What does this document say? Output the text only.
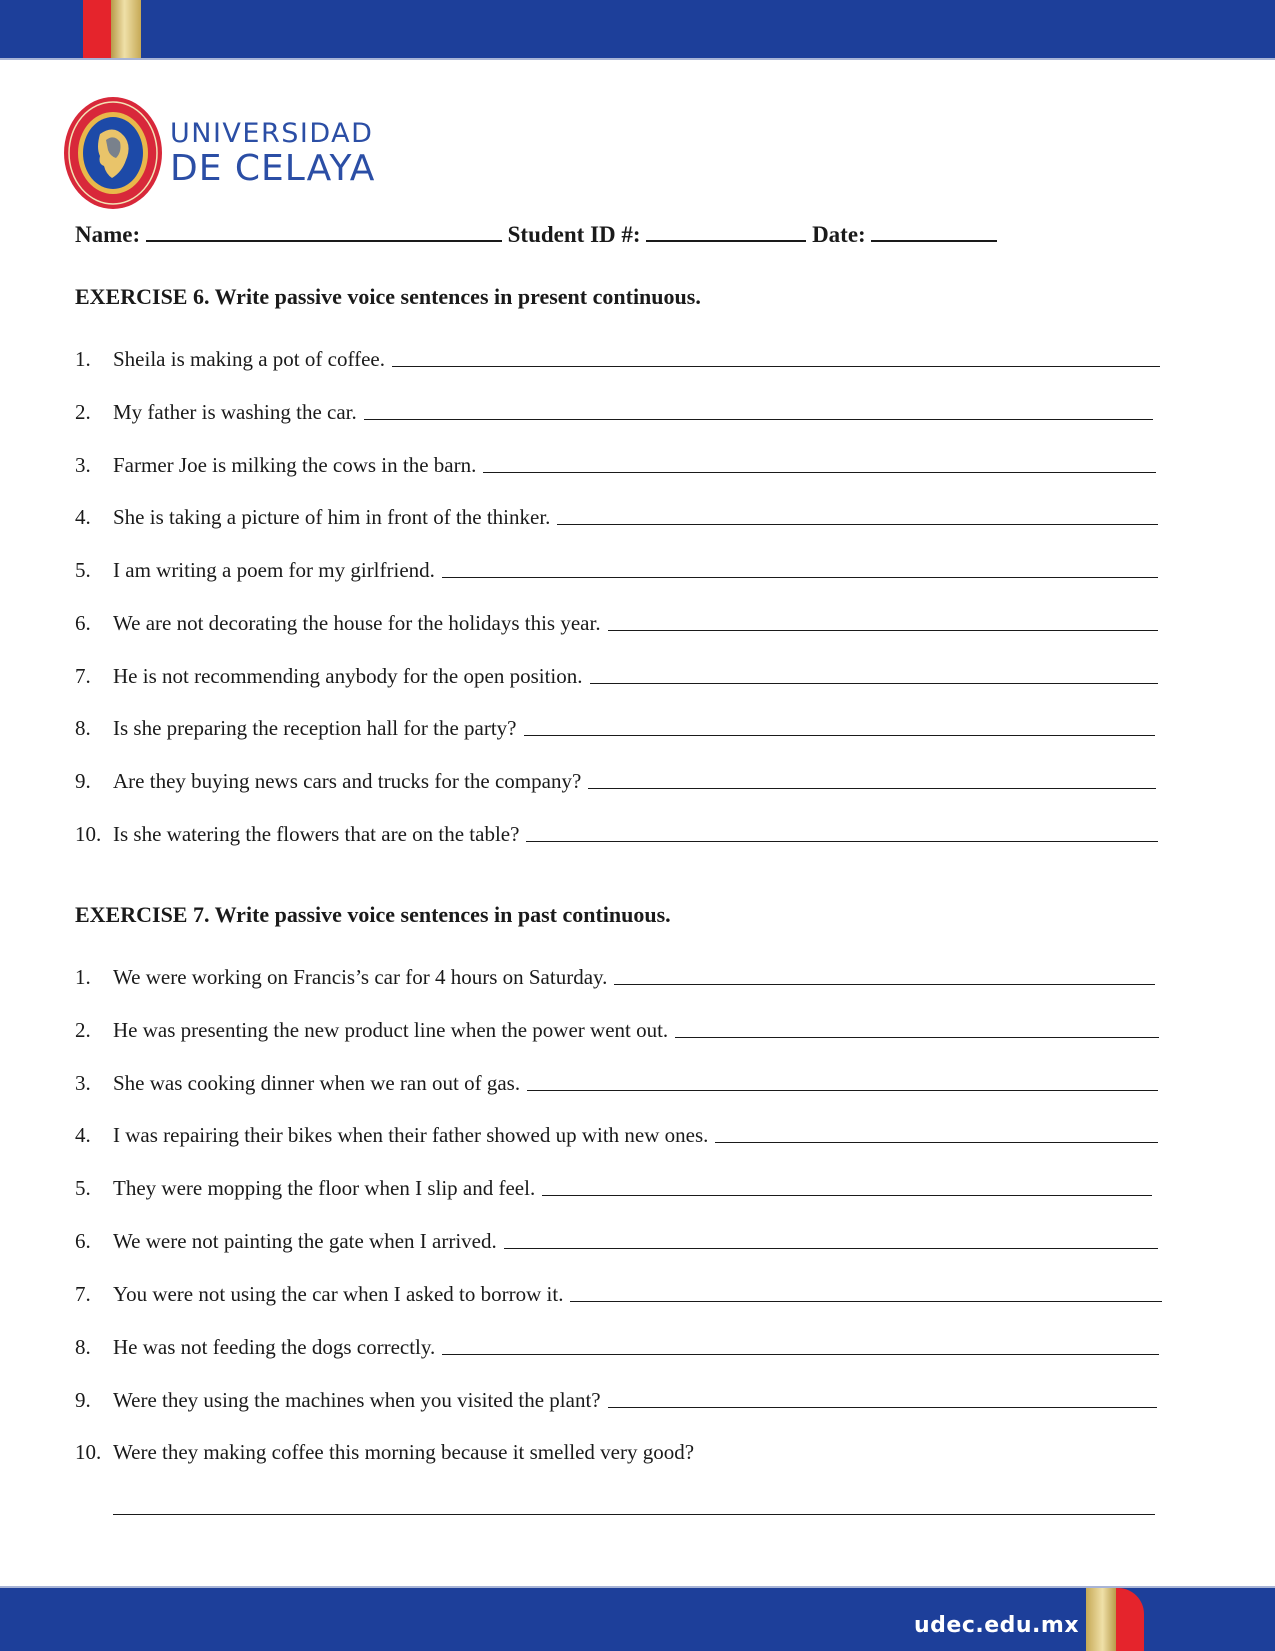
UNIVERSIDAD
DE CELAYA
Name:	Student ID #:	Date:
EXERCISE 6. Write passive voice sentences in present continuous.
1.	Sheila is making a pot of coffee.
2.	My father is washing the car.
3.	Farmer Joe is milking the cows in the barn.
4.	She is taking a picture of him in front of the thinker.
5.	I am writing a poem for my girlfriend.
6.	We are not decorating the house for the holidays this year.
7.	He is not recommending anybody for the open position.
8.	Is she preparing the reception hall for the party?
9.	Are they buying news cars and trucks for the company?
10. Is she watering the flowers that are on the table?
EXERCISE 7. Write passive voice sentences in past continuous.
1.	We were working on Francis’s car for 4 hours on Saturday.
2.	He was presenting the new product line when the power went out.
3.	She was cooking dinner when we ran out of gas.
4.	I was repairing their bikes when their father showed up with new ones.
5.	They were mopping the floor when I slip and feel.
6.	We were not painting the gate when I arrived.
7.	You were not using the car when I asked to borrow it.
8.	He was not feeding the dogs correctly.
9.	Were they using the machines when you visited the plant?
10. Were they making coffee this morning because it smelled very good?
udec.edu.mx
